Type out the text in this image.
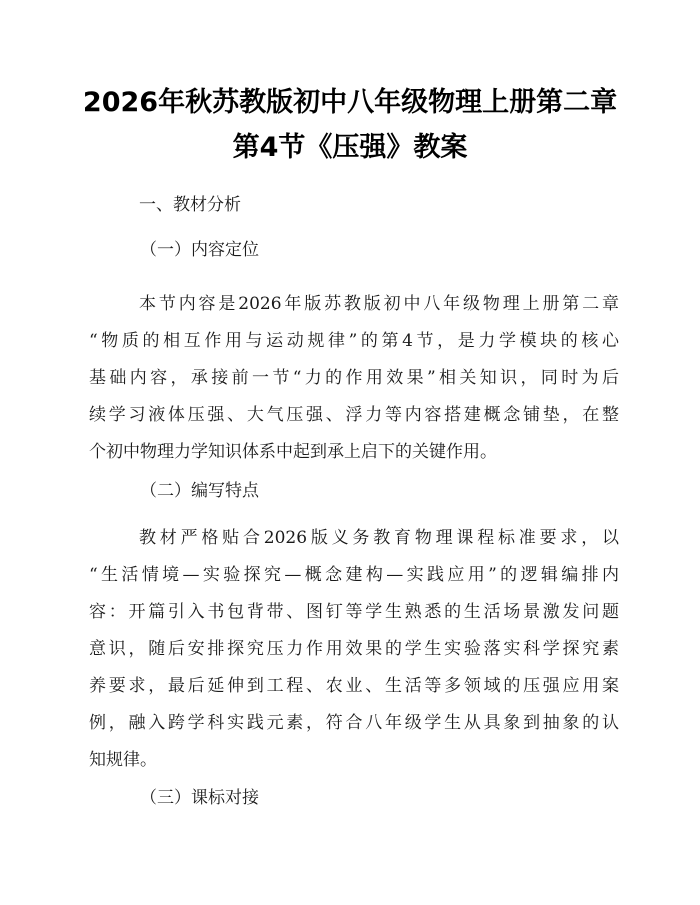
2026年秋苏教版初中八年级物理上册第二章
第4节《压强》教案
一、教材分析
（一）内容定位
本节内容是2026年版苏教版初中八年级物理上册第二章
“物质的相互作用与运动规律”的第4节，是力学模块的核心
基础内容，承接前一节“力的作用效果”相关知识，同时为后
续学习液体压强、大气压强、浮力等内容搭建概念铺垫，在整
个初中物理力学知识体系中起到承上启下的关键作用。
（二）编写特点
教材严格贴合2026版义务教育物理课程标准要求，以
“生活情境—实验探究—概念建构—实践应用”的逻辑编排内
容：开篇引入书包背带、图钉等学生熟悉的生活场景激发问题
意识，随后安排探究压力作用效果的学生实验落实科学探究素
养要求，最后延伸到工程、农业、生活等多领域的压强应用案
例，融入跨学科实践元素，符合八年级学生从具象到抽象的认
知规律。
（三）课标对接
